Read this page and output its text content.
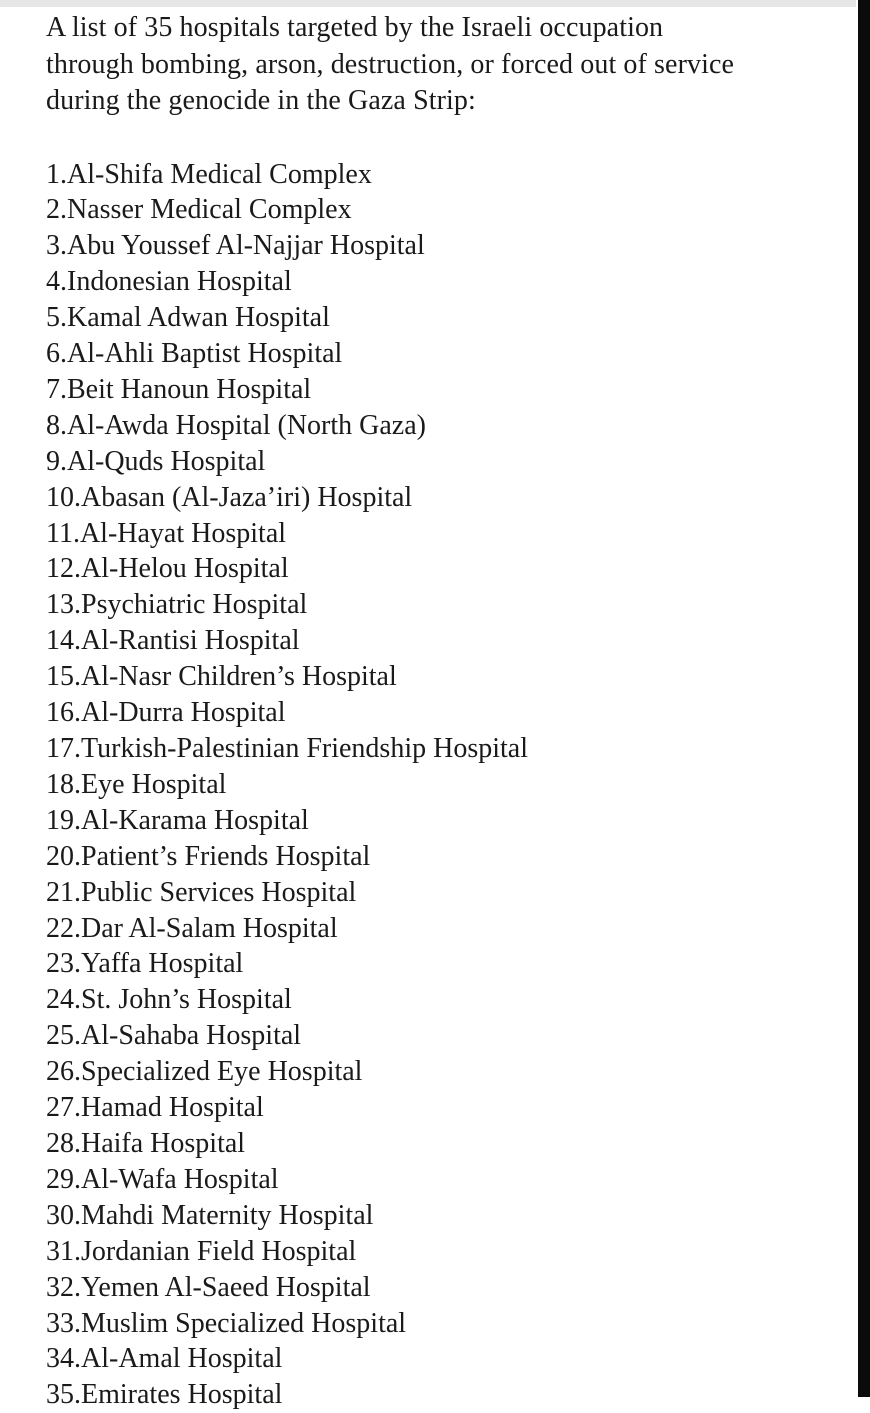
A list of 35 hospitals targeted by the Israeli occupation
through bombing, arson, destruction, or forced out of service
during the genocide in the Gaza Strip:
1.Al-Shifa Medical Complex
2.Nasser Medical Complex
3.Abu Youssef Al-Najjar Hospital
4.Indonesian Hospital
5.Kamal Adwan Hospital
6.Al-Ahli Baptist Hospital
7.Beit Hanoun Hospital
8.Al-Awda Hospital (North Gaza)
9.Al-Quds Hospital
10.Abasan (Al-Jaza’iri) Hospital
11.Al-Hayat Hospital
12.Al-Helou Hospital
13.Psychiatric Hospital
14.Al-Rantisi Hospital
15.Al-Nasr Children’s Hospital
16.Al-Durra Hospital
17.Turkish-Palestinian Friendship Hospital
18.Eye Hospital
19.Al-Karama Hospital
20.Patient’s Friends Hospital
21.Public Services Hospital
22.Dar Al-Salam Hospital
23.Yaffa Hospital
24.St. John’s Hospital
25.Al-Sahaba Hospital
26.Specialized Eye Hospital
27.Hamad Hospital
28.Haifa Hospital
29.Al-Wafa Hospital
30.Mahdi Maternity Hospital
31.Jordanian Field Hospital
32.Yemen Al-Saeed Hospital
33.Muslim Specialized Hospital
34.Al-Amal Hospital
35.Emirates Hospital
